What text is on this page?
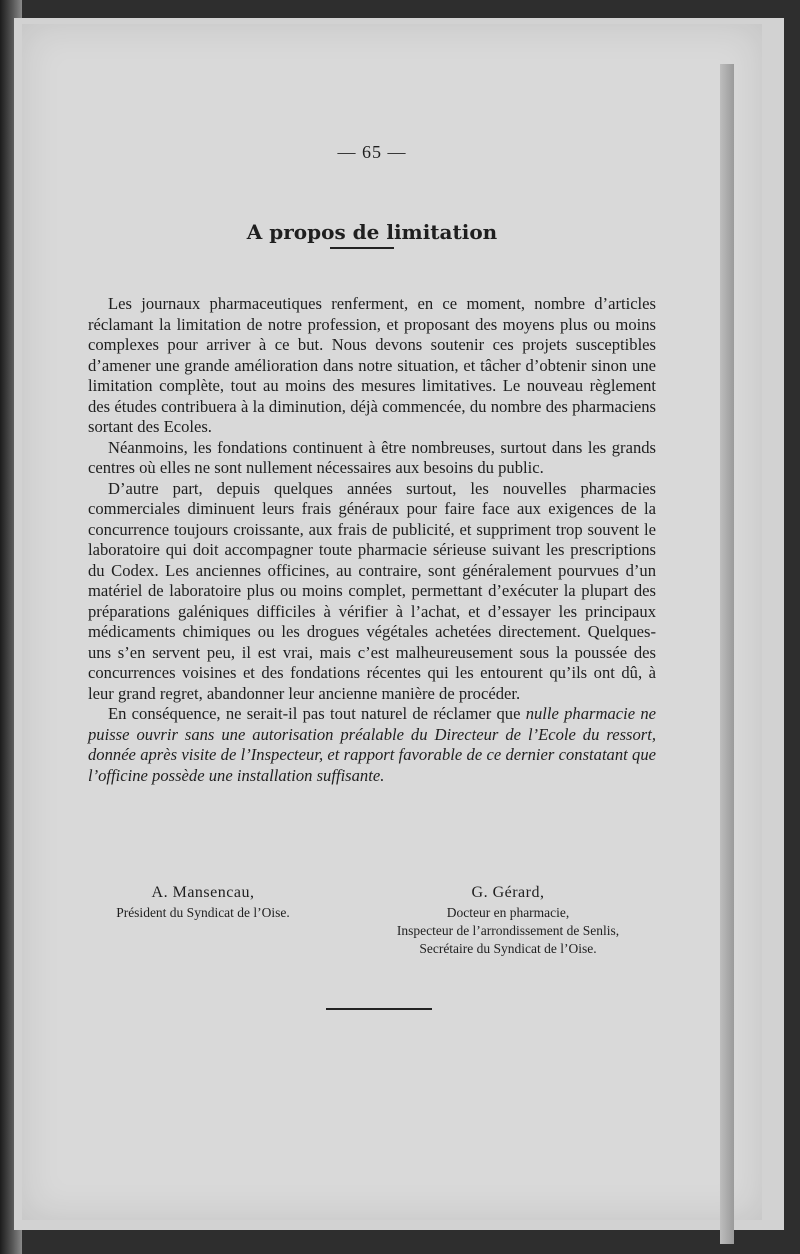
— 65 —
A propos de limitation

Les journaux pharmaceutiques renferment, en ce moment, nombre d’articles réclamant la limitation de notre profession, et proposant des moyens plus ou moins complexes pour arriver à ce but. Nous devons soutenir ces projets susceptibles d’amener une grande amélioration dans notre situation, et tâcher d’obtenir sinon une limitation complète, tout au moins des mesures limitatives. Le nouveau règlement des études contribuera à la diminution, déjà commencée, du nombre des pharmaciens sortant des Ecoles.

Néanmoins, les fondations continuent à être nombreuses, surtout dans les grands centres où elles ne sont nullement nécessaires aux besoins du public.

D’autre part, depuis quelques années surtout, les nouvelles pharmacies commerciales diminuent leurs frais généraux pour faire face aux exigences de la concurrence toujours croissante, aux frais de publicité, et suppriment trop souvent le laboratoire qui doit accompagner toute pharmacie sérieuse suivant les prescriptions du Codex. Les anciennes officines, au contraire, sont généralement pourvues d’un matériel de laboratoire plus ou moins complet, permettant d’exécuter la plupart des préparations galéniques difficiles à vérifier à l’achat, et d’essayer les principaux médicaments chimiques ou les drogues végétales achetées directement. Quelques-uns s’en servent peu, il est vrai, mais c’est malheureusement sous la poussée des concurrences voisines et des fondations récentes qui les entourent qu’ils ont dû, à leur grand regret, abandonner leur ancienne manière de procéder.

En conséquence, ne serait-il pas tout naturel de réclamer que nulle pharmacie ne puisse ouvrir sans une autorisation préalable du Directeur de l’Ecole du ressort, donnée après visite de l’Inspecteur, et rapport favorable de ce dernier constatant que l’officine possède une installation suffisante.

A. Mansencau,
Président du Syndicat de l’Oise.
G. Gérard,
Docteur en pharmacie,
Inspecteur de l’arrondissement de Senlis,
Secrétaire du Syndicat de l’Oise.
